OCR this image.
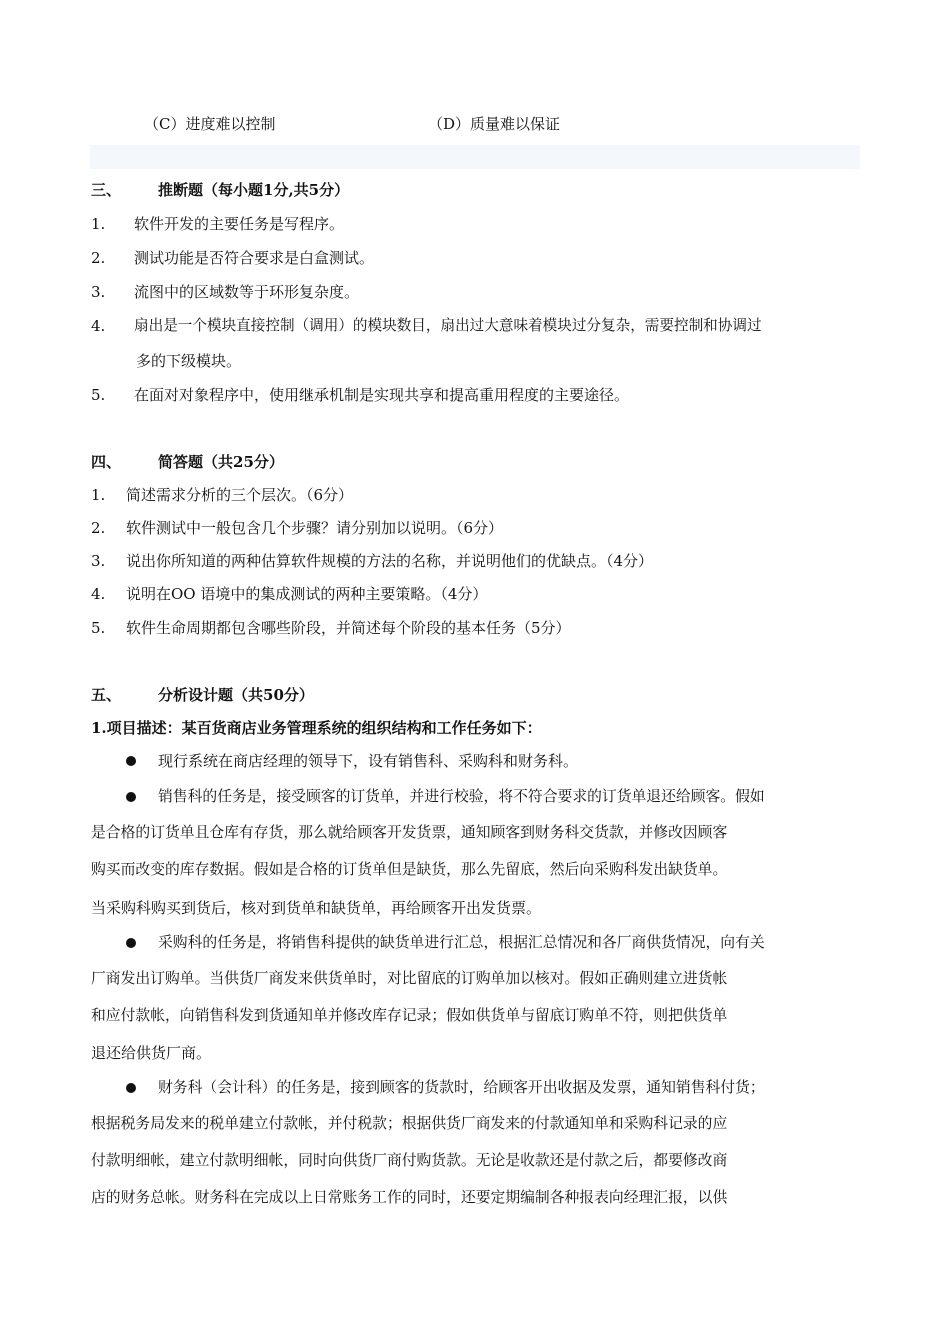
（C）进度难以控制	（D）质量难以保证
三、 推断题（每小题1分,共5分）
1. 软件开发的主要任务是写程序。
2. 测试功能是否符合要求是白盒测试。
3. 流图中的区域数等于环形复杂度。
4. 扇出是一个模块直接控制（调用）的模块数目，扇出过大意味着模块过分复杂，需要控制和协调过
多的下级模块。
5. 在面对对象程序中，使用继承机制是实现共享和提高重用程度的主要途径。
四、 简答题（共25分）
1. 简述需求分析的三个层次。（6分）
2. 软件测试中一般包含几个步骤？请分别加以说明。（6分）
3. 说出你所知道的两种估算软件规模的方法的名称，并说明他们的优缺点。（4分）
4. 说明在OO 语境中的集成测试的两种主要策略。（4分）
5. 软件生命周期都包含哪些阶段，并简述每个阶段的基本任务（5分）
五、 分析设计题（共50分）
1.项目描述：某百货商店业务管理系统的组织结构和工作任务如下：
现行系统在商店经理的领导下，设有销售科、采购科和财务科。
销售科的任务是，接受顾客的订货单，并进行校验，将不符合要求的订货单退还给顾客。假如
是合格的订货单且仓库有存货，那么就给顾客开发货票，通知顾客到财务科交货款，并修改因顾客
购买而改变的库存数据。假如是合格的订货单但是缺货，那么先留底，然后向采购科发出缺货单。
当采购科购买到货后，核对到货单和缺货单，再给顾客开出发货票。
采购科的任务是，将销售科提供的缺货单进行汇总，根据汇总情况和各厂商供货情况，向有关
厂商发出订购单。当供货厂商发来供货单时，对比留底的订购单加以核对。假如正确则建立进货帐
和应付款帐，向销售科发到货通知单并修改库存记录；假如供货单与留底订购单不符，则把供货单
退还给供货厂商。
财务科（会计科）的任务是，接到顾客的货款时，给顾客开出收据及发票，通知销售科付货；
根据税务局发来的税单建立付款帐，并付税款；根据供货厂商发来的付款通知单和采购科记录的应
付款明细帐，建立付款明细帐，同时向供货厂商付购货款。无论是收款还是付款之后，都要修改商
店的财务总帐。财务科在完成以上日常账务工作的同时，还要定期编制各种报表向经理汇报，以供
